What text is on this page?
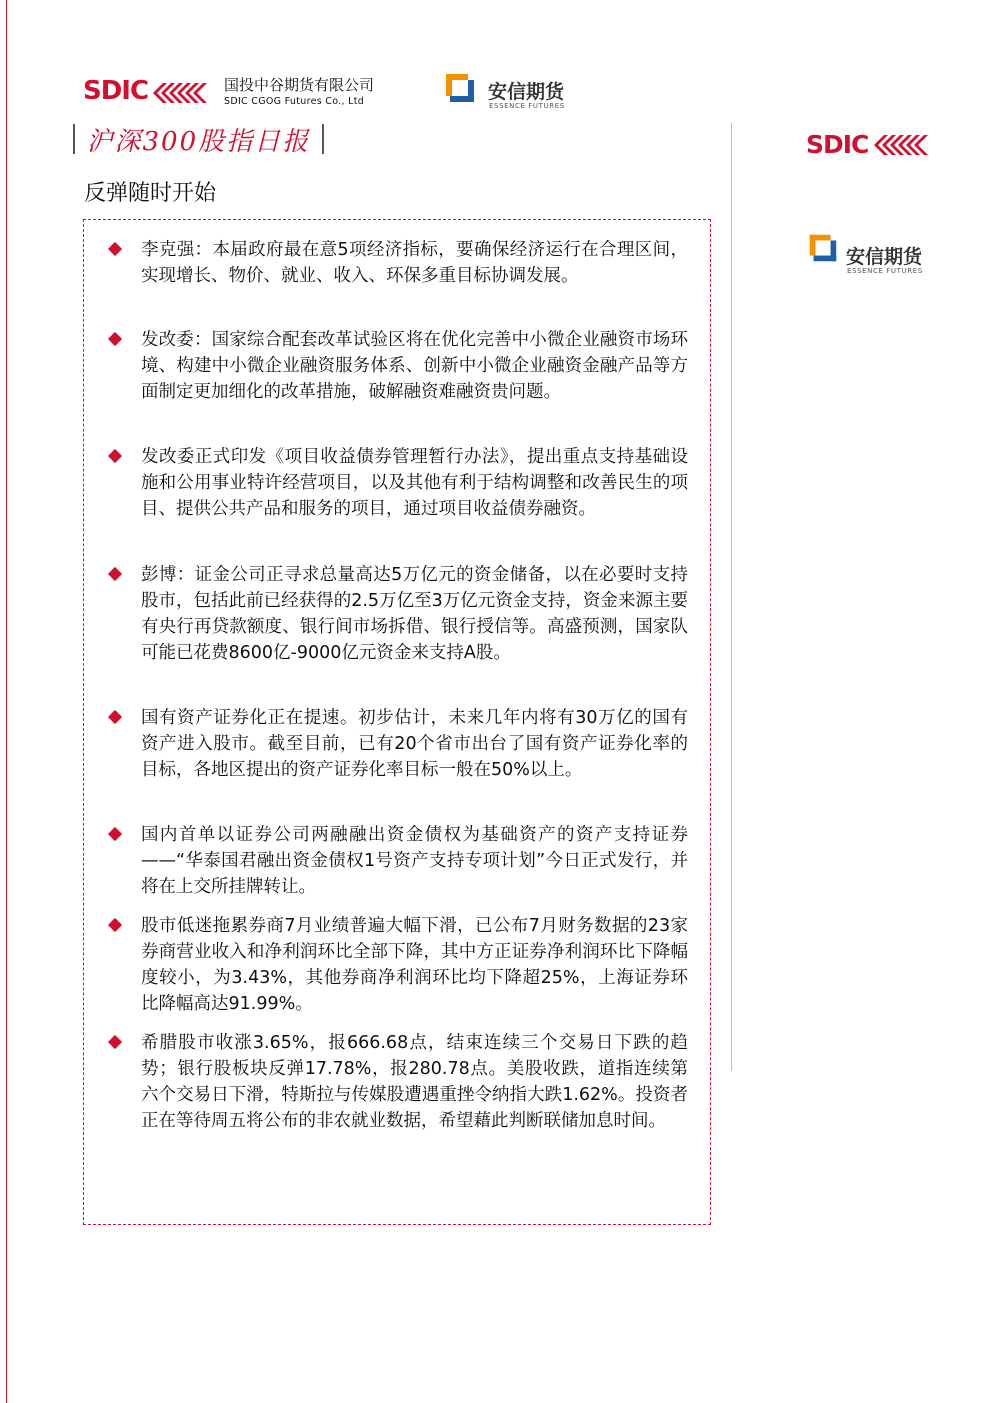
SDIC	国投中谷期货有限公司
SDIC CGOG Futures Co., Ltd	安信期货
ESSENCE FUTURES
沪深300股指日报
反弹随时开始
李克强：本届政府最在意5项经济指标，要确保经济运行在合理区间，实现增长、物价、就业、收入、环保多重目标协调发展。
发改委：国家综合配套改革试验区将在优化完善中小微企业融资市场环境、构建中小微企业融资服务体系、创新中小微企业融资金融产品等方面制定更加细化的改革措施，破解融资难融资贵问题。
发改委正式印发《项目收益债券管理暂行办法》，提出重点支持基础设施和公用事业特许经营项目，以及其他有利于结构调整和改善民生的项目、提供公共产品和服务的项目，通过项目收益债券融资。
彭博：证金公司正寻求总量高达5万亿元的资金储备，以在必要时支持股市，包括此前已经获得的2.5万亿至3万亿元资金支持，资金来源主要有央行再贷款额度、银行间市场拆借、银行授信等。高盛预测，国家队可能已花费8600亿-9000亿元资金来支持A股。
国有资产证券化正在提速。初步估计，未来几年内将有30万亿的国有资产进入股市。截至目前，已有20个省市出台了国有资产证券化率的目标，各地区提出的资产证券化率目标一般在50%以上。
国内首单以证券公司两融融出资金债权为基础资产的资产支持证券——“华泰国君融出资金债权1号资产支持专项计划”今日正式发行，并将在上交所挂牌转让。
股市低迷拖累券商7月业绩普遍大幅下滑，已公布7月财务数据的23家券商营业收入和净利润环比全部下降，其中方正证券净利润环比下降幅度较小，为3.43%，其他券商净利润环比均下降超25%，上海证券环比降幅高达91.99%。
希腊股市收涨3.65%，报666.68点，结束连续三个交易日下跌的趋势；银行股板块反弹17.78%，报280.78点。美股收跌，道指连续第六个交易日下滑，特斯拉与传媒股遭遇重挫令纳指大跌1.62%。投资者正在等待周五将公布的非农就业数据，希望藉此判断联储加息时间。
SDIC
安信期货
ESSENCE FUTURES
